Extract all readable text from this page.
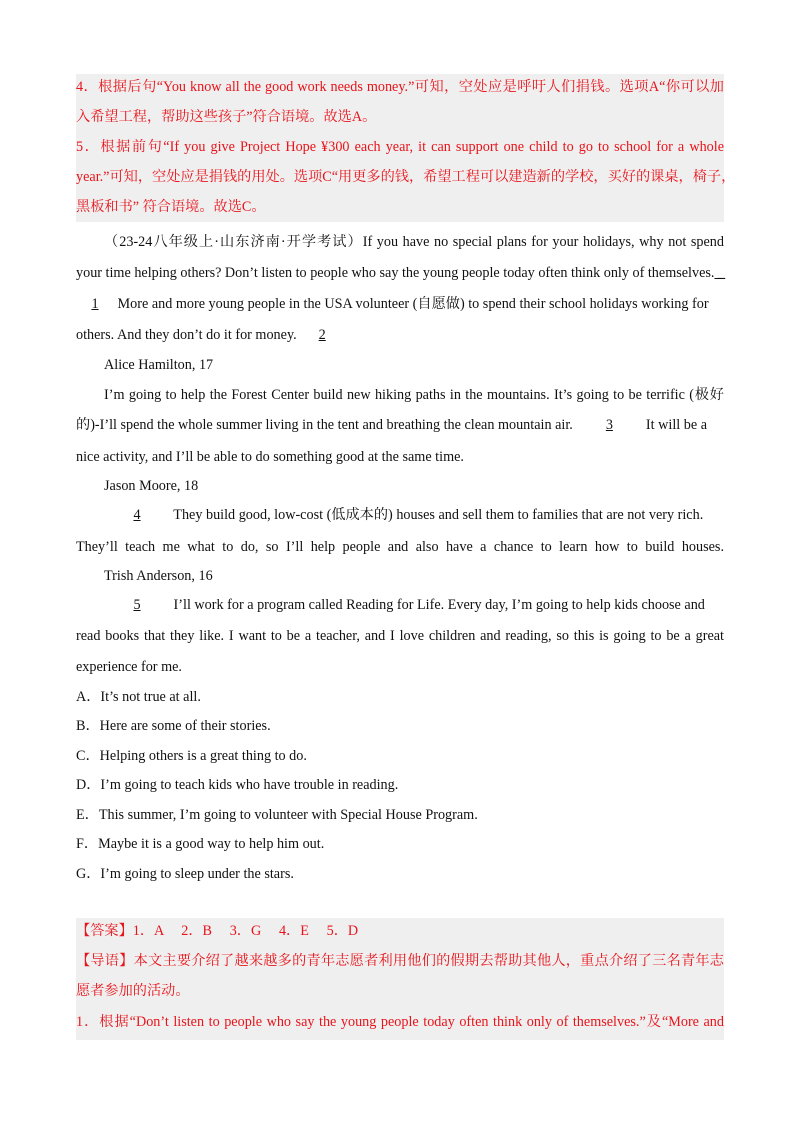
4．根据后句“You know all the good work needs money.”可知，空处应是呼吁人们捐钱。选项A“你可以加
入希望工程，帮助这些孩子”符合语境。故选A。
5．根据前句“If you give Project Hope ¥300 each year, it can support one child to go to school for a whole
year.”可知，空处应是捐钱的用处。选项C“用更多的钱，希望工程可以建造新的学校，买好的课桌，椅子，
黑板和书” 符合语境。故选C。
（23-24八年级上·山东济南·开学考试）If you have no special plans for your holidays, why not spend
your time helping others? Don’t listen to people who say the young people today often think only of themselves. _
1 More and more young people in the USA volunteer (自愿做) to spend their school holidays working for
others. And they don’t do it for money. 2
Alice Hamilton, 17
I’m going to help the Forest Center build new hiking paths in the mountains. It’s going to be terrific (极好
的)-I’ll spend the whole summer living in the tent and breathing the clean mountain air. 3 It will be a
nice activity, and I’ll be able to do something good at the same time.
Jason Moore, 18
4 They build good, low-cost (低成本的) houses and sell them to families that are not very rich.
They’ll teach me what to do, so I’ll help people and also have a chance to learn how to build houses.
Trish Anderson, 16
5 I’ll work for a program called Reading for Life. Every day, I’m going to help kids choose and
read books that they like. I want to be a teacher, and I love children and reading, so this is going to be a great
experience for me.
A．It’s not true at all.
B．Here are some of their stories.
C．Helping others is a great thing to do.
D．I’m going to teach kids who have trouble in reading.
E．This summer, I’m going to volunteer with Special House Program.
F．Maybe it is a good way to help him out.
G．I’m going to sleep under the stars.
【答案】1．A     2．B     3．G     4．E     5．D
【导语】本文主要介绍了越来越多的青年志愿者利用他们的假期去帮助其他人，重点介绍了三名青年志
愿者参加的活动。
1．根据“Don’t listen to people who say the young people today often think only of themselves.”及“More and
